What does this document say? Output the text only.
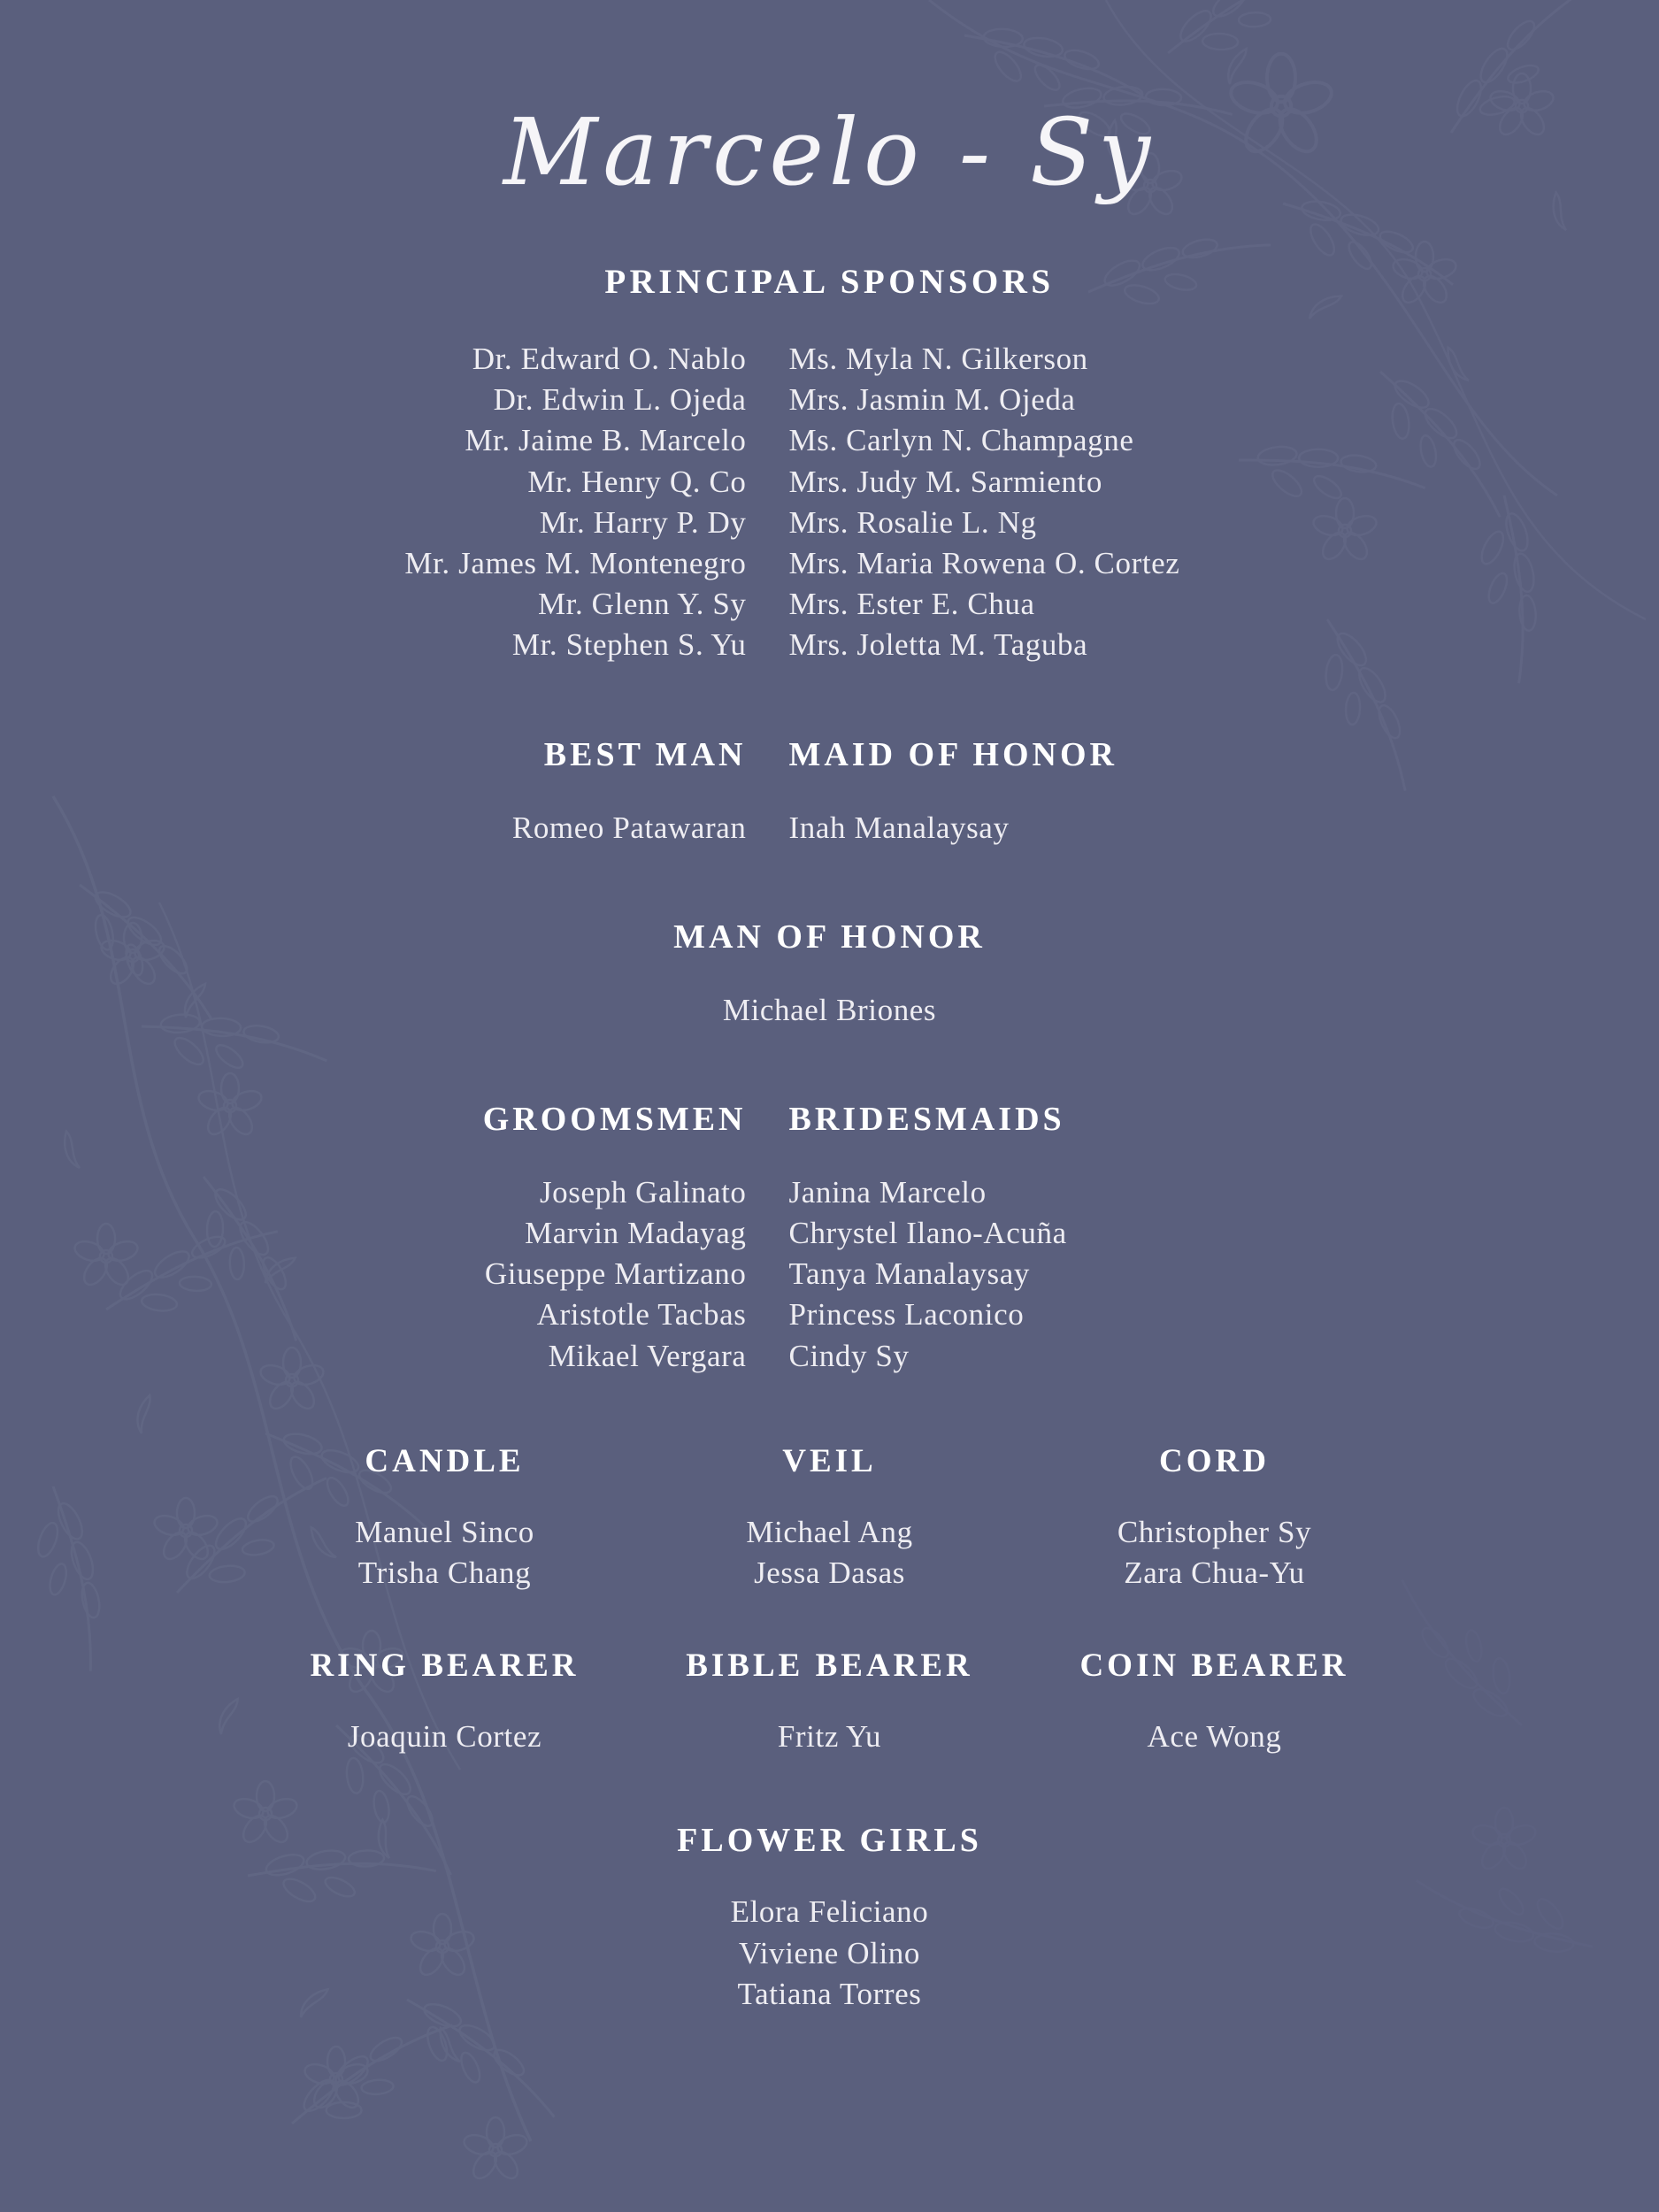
Marcelo - Sy
PRINCIPAL SPONSORS
Dr. Edward O. Nablo
Dr. Edwin L. Ojeda
Mr. Jaime B. Marcelo
Mr. Henry Q. Co
Mr. Harry P. Dy
Mr. James M. Montenegro
Mr. Glenn Y. Sy
Mr. Stephen S. Yu
Ms. Myla N. Gilkerson
Mrs. Jasmin M. Ojeda
Ms. Carlyn N. Champagne
Mrs. Judy M. Sarmiento
Mrs. Rosalie L. Ng
Mrs. Maria Rowena O. Cortez
Mrs. Ester E. Chua
Mrs. Joletta M. Taguba
BEST MAN
Romeo Patawaran
MAID OF HONOR
Inah Manalaysay
MAN OF HONOR
Michael Briones
GROOMSMEN
Joseph Galinato
Marvin Madayag
Giuseppe Martizano
Aristotle Tacbas
Mikael Vergara
BRIDESMAIDS
Janina Marcelo
Chrystel Ilano-Acuña
Tanya Manalaysay
Princess Laconico
Cindy Sy
CANDLE
Manuel Sinco
Trisha Chang
VEIL
Michael Ang
Jessa Dasas
CORD
Christopher Sy
Zara Chua-Yu
RING BEARER
Joaquin Cortez
BIBLE BEARER
Fritz Yu
COIN BEARER
Ace Wong
FLOWER GIRLS
Elora Feliciano
Viviene Olino
Tatiana Torres
